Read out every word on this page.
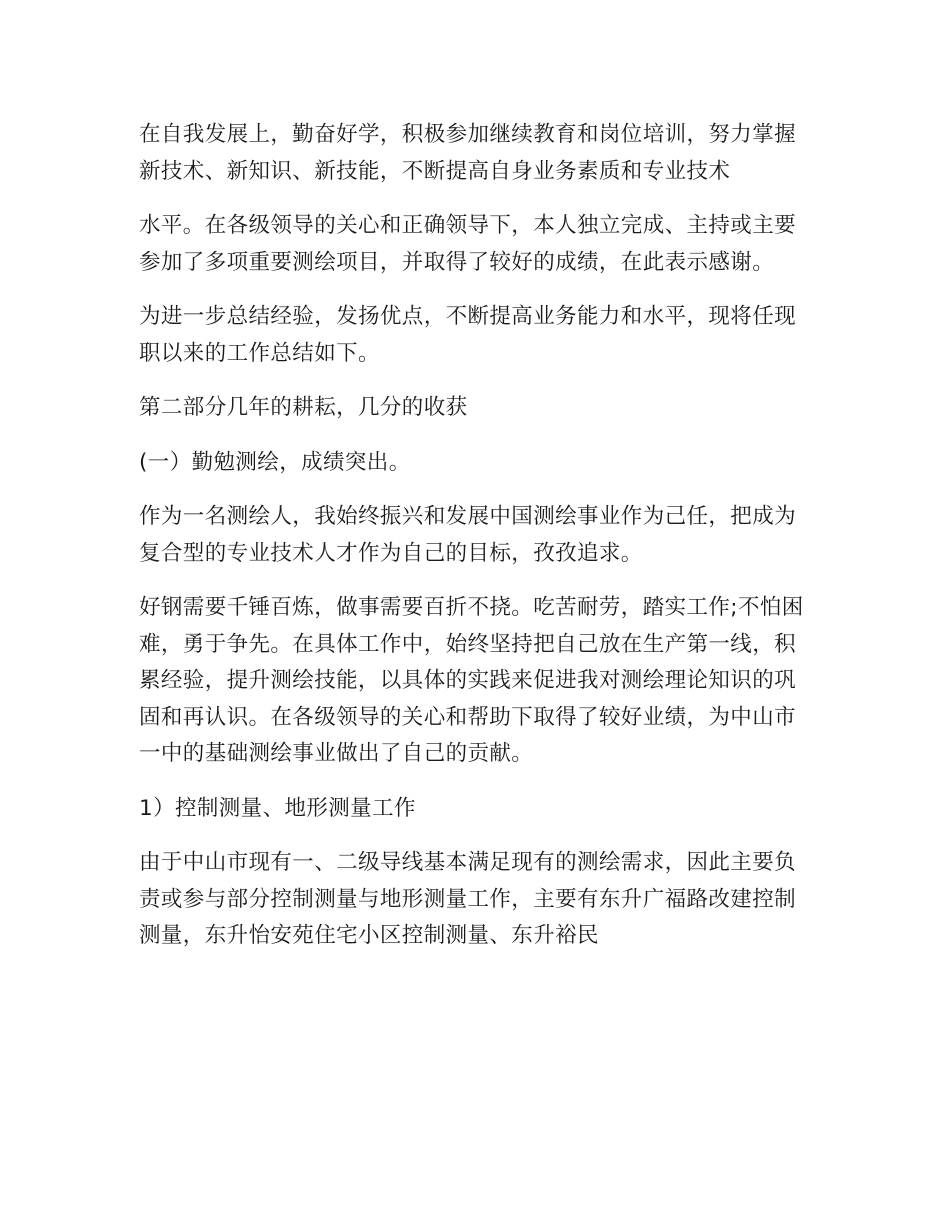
在自我发展上，勤奋好学，积极参加继续教育和岗位培训，努力掌握新技术、新知识、新技能，不断提高自身业务素质和专业技术

水平。在各级领导的关心和正确领导下，本人独立完成、主持或主要参加了多项重要测绘项目，并取得了较好的成绩，在此表示感谢。

为进一步总结经验，发扬优点，不断提高业务能力和水平，现将任现职以来的工作总结如下。

第二部分几年的耕耘，几分的收获

(一）勤勉测绘，成绩突出。

作为一名测绘人，我始终振兴和发展中国测绘事业作为己任，把成为复合型的专业技术人才作为自己的目标，孜孜追求。

好钢需要千锤百炼，做事需要百折不挠。吃苦耐劳，踏实工作;不怕困难，勇于争先。在具体工作中，始终坚持把自己放在生产第一线，积累经验，提升测绘技能，以具体的实践来促进我对测绘理论知识的巩固和再认识。在各级领导的关心和帮助下取得了较好业绩，为中山市一中的基础测绘事业做出了自己的贡献。

1）控制测量、地形测量工作

由于中山市现有一、二级导线基本满足现有的测绘需求，因此主要负责或参与部分控制测量与地形测量工作，主要有东升广福路改建控制测量，东升怡安苑住宅小区控制测量、东升裕民
